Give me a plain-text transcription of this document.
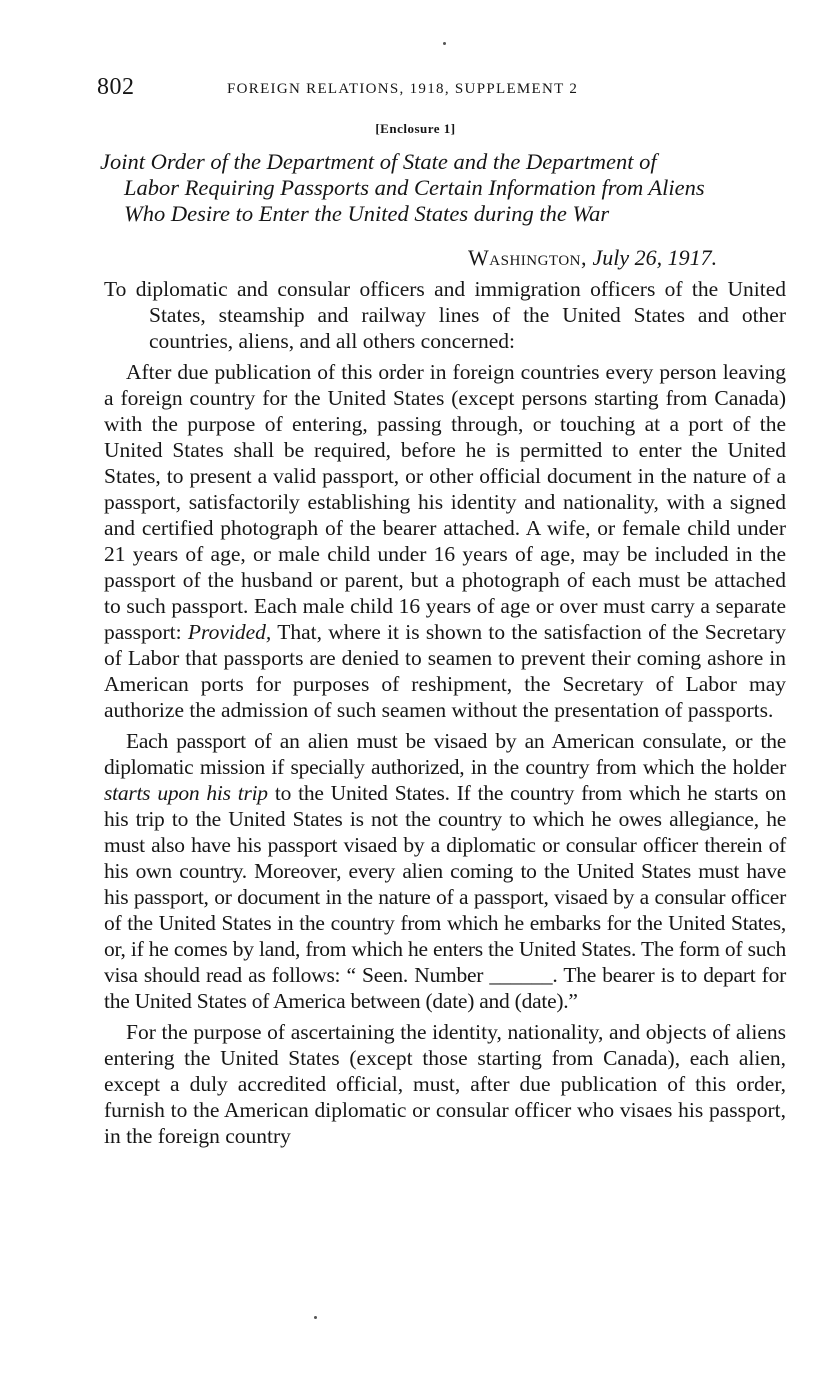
802	FOREIGN RELATIONS, 1918, SUPPLEMENT 2
[Enclosure 1]
Joint Order of the Department of State and the Department of
Labor Requiring Passports and Certain Information from Aliens
Who Desire to Enter the United States during the War
Washington, July 26, 1917.

To diplomatic and consular officers and immigration officers of the United States, steamship and railway lines of the United States and other countries, aliens, and all others concerned:

After due publication of this order in foreign countries every person leaving a foreign country for the United States (except persons starting from Canada) with the purpose of entering, passing through, or touching at a port of the United States shall be required, before he is permitted to enter the United States, to present a valid passport, or other official document in the nature of a passport, satisfactorily establishing his identity and nationality, with a signed and certified photograph of the bearer attached. A wife, or female child under 21 years of age, or male child under 16 years of age, may be included in the passport of the husband or parent, but a photograph of each must be attached to such passport. Each male child 16 years of age or over must carry a separate passport: Provided, That, where it is shown to the satisfaction of the Secretary of Labor that passports are denied to seamen to prevent their coming ashore in American ports for purposes of reshipment, the Secretary of Labor may authorize the admission of such seamen without the presentation of passports.

Each passport of an alien must be visaed by an American consulate, or the diplomatic mission if specially authorized, in the country from which the holder starts upon his trip to the United States. If the country from which he starts on his trip to the United States is not the country to which he owes allegiance, he must also have his passport visaed by a diplomatic or consular officer therein of his own country. Moreover, every alien coming to the United States must have his passport, or document in the nature of a passport, visaed by a consular officer of the United States in the country from which he embarks for the United States, or, if he comes by land, from which he enters the United States. The form of such visa should read as follows: “ Seen. Number ______. The bearer is to depart for the United States of America between (date) and (date).”

For the purpose of ascertaining the identity, nationality, and objects of aliens entering the United States (except those starting from Canada), each alien, except a duly accredited official, must, after due publication of this order, furnish to the American diplomatic or consular officer who visaes his passport, in the foreign country
